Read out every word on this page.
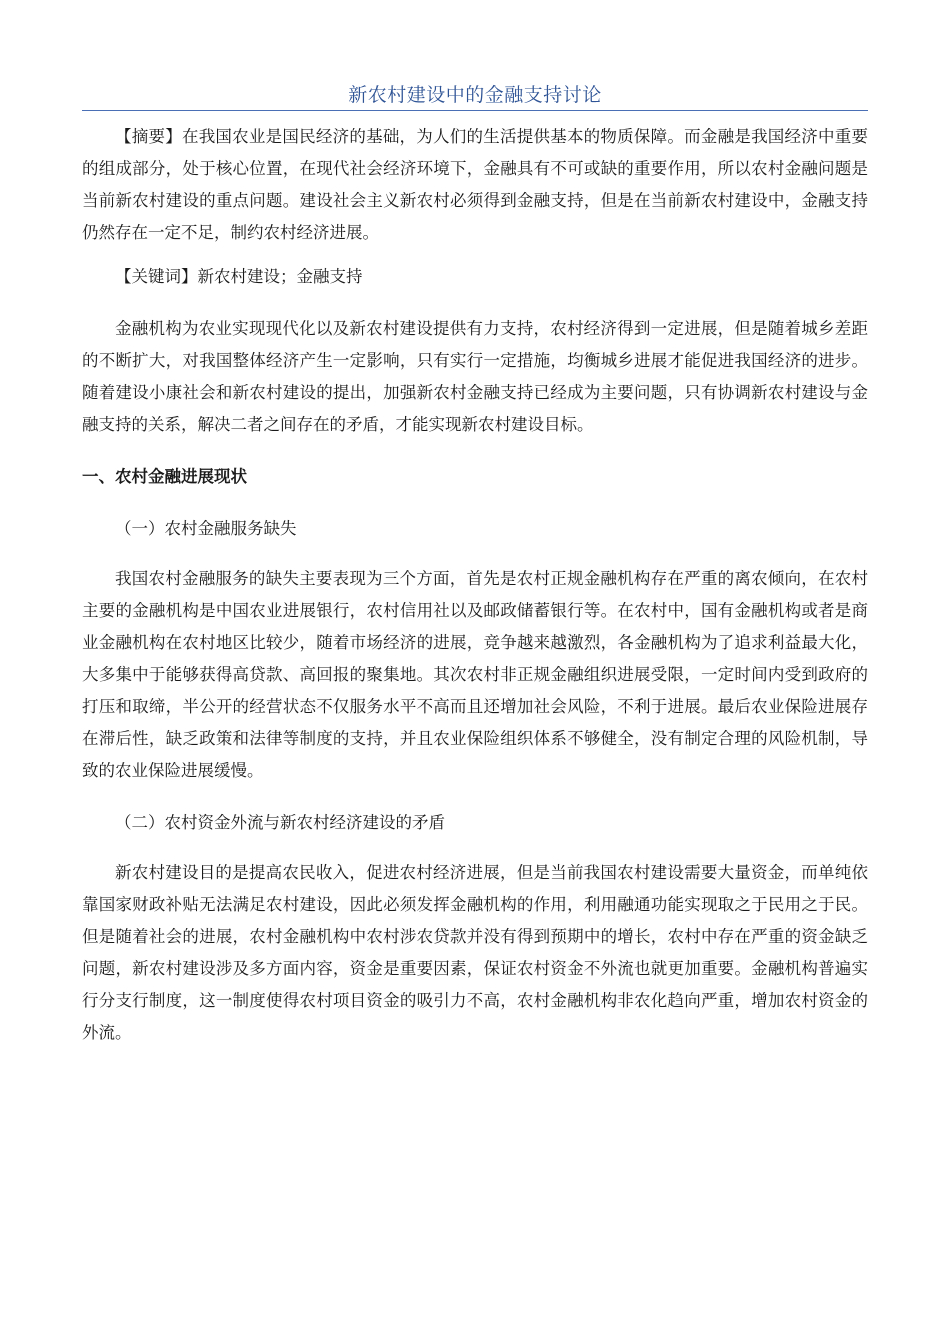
新农村建设中的金融支持讨论

【摘要】在我国农业是国民经济的基础，为人们的生活提供基本的物质保障。而金融是我国经济中重要的组成部分，处于核心位置，在现代社会经济环境下，金融具有不可或缺的重要作用，所以农村金融问题是当前新农村建设的重点问题。建设社会主义新农村必须得到金融支持，但是在当前新农村建设中，金融支持仍然存在一定不足，制约农村经济进展。

【关键词】新农村建设；金融支持

金融机构为农业实现现代化以及新农村建设提供有力支持，农村经济得到一定进展，但是随着城乡差距的不断扩大，对我国整体经济产生一定影响，只有实行一定措施，均衡城乡进展才能促进我国经济的进步。随着建设小康社会和新农村建设的提出，加强新农村金融支持已经成为主要问题，只有协调新农村建设与金融支持的关系，解决二者之间存在的矛盾，才能实现新农村建设目标。

一、农村金融进展现状
（一）农村金融服务缺失

我国农村金融服务的缺失主要表现为三个方面，首先是农村正规金融机构存在严重的离农倾向，在农村主要的金融机构是中国农业进展银行，农村信用社以及邮政储蓄银行等。在农村中，国有金融机构或者是商业金融机构在农村地区比较少，随着市场经济的进展，竞争越来越激烈，各金融机构为了追求利益最大化，大多集中于能够获得高贷款、高回报的聚集地。其次农村非正规金融组织进展受限，一定时间内受到政府的打压和取缔，半公开的经营状态不仅服务水平不高而且还增加社会风险，不利于进展。最后农业保险进展存在滞后性，缺乏政策和法律等制度的支持，并且农业保险组织体系不够健全，没有制定合理的风险机制，导致的农业保险进展缓慢。

（二）农村资金外流与新农村经济建设的矛盾

新农村建设目的是提高农民收入，促进农村经济进展，但是当前我国农村建设需要大量资金，而单纯依靠国家财政补贴无法满足农村建设，因此必须发挥金融机构的作用，利用融通功能实现取之于民用之于民。但是随着社会的进展，农村金融机构中农村涉农贷款并没有得到预期中的增长，农村中存在严重的资金缺乏问题，新农村建设涉及多方面内容，资金是重要因素，保证农村资金不外流也就更加重要。金融机构普遍实行分支行制度，这一制度使得农村项目资金的吸引力不高，农村金融机构非农化趋向严重，增加农村资金的外流。
